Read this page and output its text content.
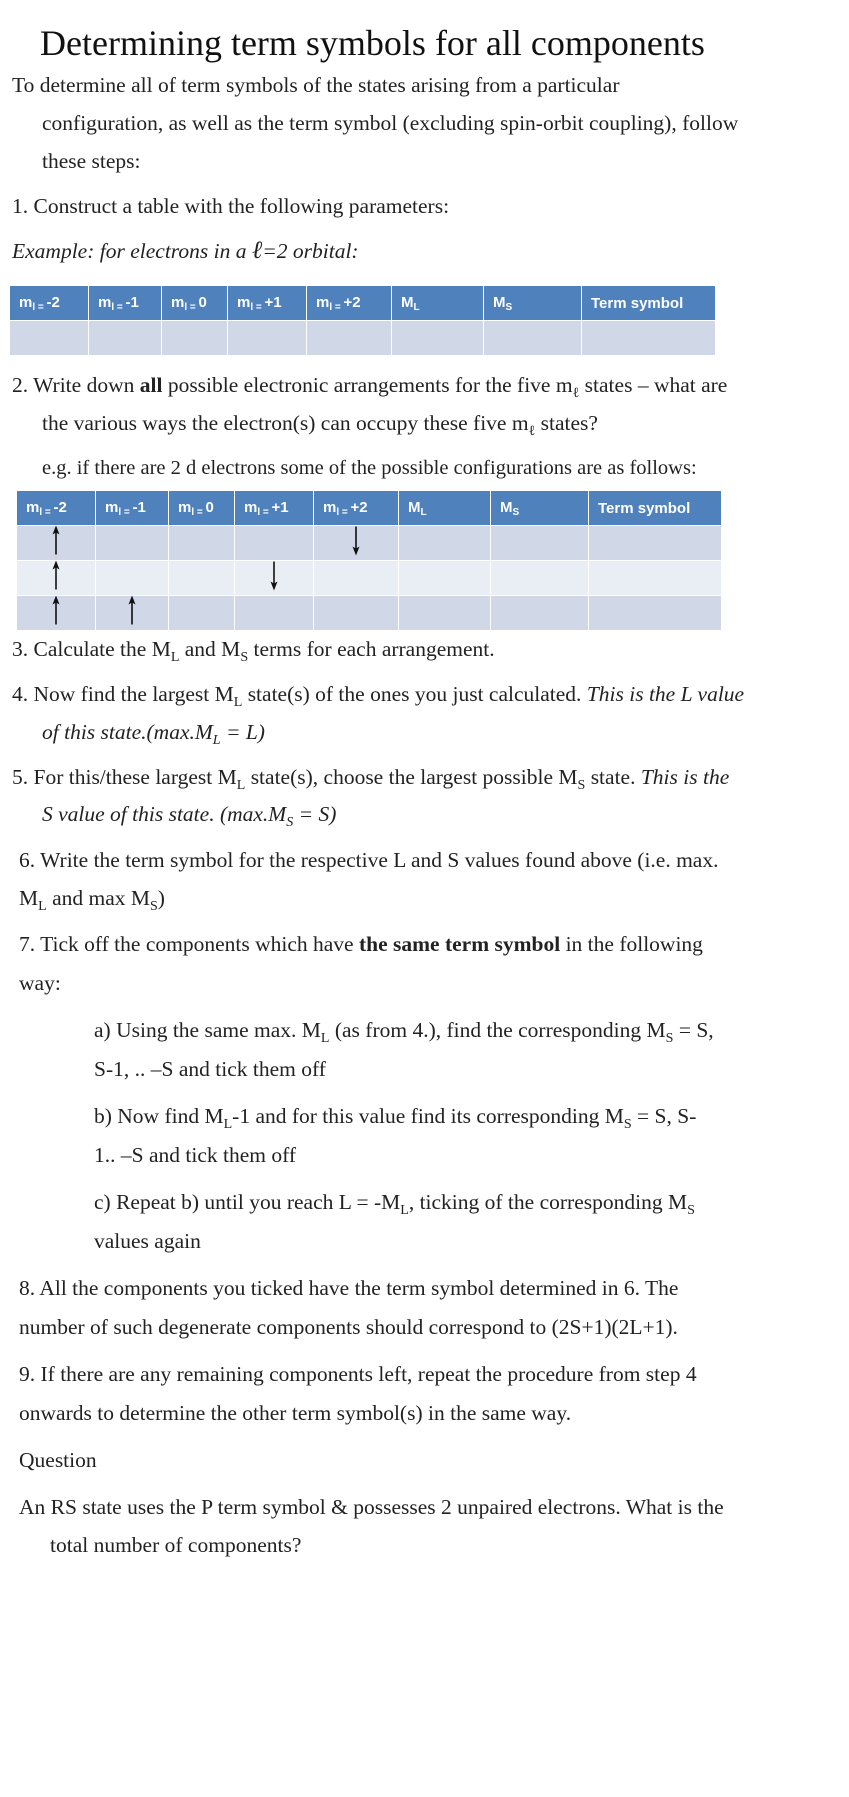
Determining term symbols for all components
To determine all of term symbols of the states arising from a particular
configuration, as well as the term symbol (excluding spin-orbit coupling), follow
these steps:
1. Construct a table with the following parameters:
Example: for electrons in a ℓ=2 orbital:
$m_{l =}$ -2	$m_{l =}$ -1	$m_{l =}$ 0	$m_{l =} +1$	$m_{l =} +2$	$M_L$	$M_S$	Term symbol

2. Write down all possible electronic arrangements for the five $m_\ell$ states – what are
the various ways the electron(s) can occupy these five $m_\ell$ states?
e.g. if there are 2 d electrons some of the possible configurations are as follows:
$m_{l =}$ -2	$m_{l =}$ -1	$m_{l =}$ 0	$m_{l =} +1$	$m_{l =} +2$	$M_L$	$M_S$	Term symbol

3. Calculate the $M_L$ and $M_S$ terms for each arrangement.
4. Now find the largest $M_L$ state(s) of the ones you just calculated. This is the L value
of this $state.(\max.M_L = L)$
5. For this/these largest $M_L$ state(s), choose the largest possible $M_S$ state. This is the
S value of this state. $(\max.M_S = S)$
6. Write the term symbol for the respective L and S values found above (i.e. max.
$M_L$ and $\max M_S$)
7. Tick off the components which have the same term symbol in the following
way:
a) Using the same max. $M_L$ (as from 4.), find the corresponding $M_S = S$,
S-1, .. –S and tick them off
b) Now find $M_L-1$ and for this value find its corresponding $M_S = S$, S-
1.. –S and tick them off
c) Repeat b) until you reach $L = -M_L$, ticking of the corresponding $M_S$
values again
8. All the components you ticked have the term symbol determined in 6. The
number of such degenerate components should correspond to (2S+1)(2L+1).
9. If there are any remaining components left, repeat the procedure from step 4
onwards to determine the other term symbol(s) in the same way.
Question
An RS state uses the P term symbol & possesses 2 unpaired electrons. What is the
total number of components?
